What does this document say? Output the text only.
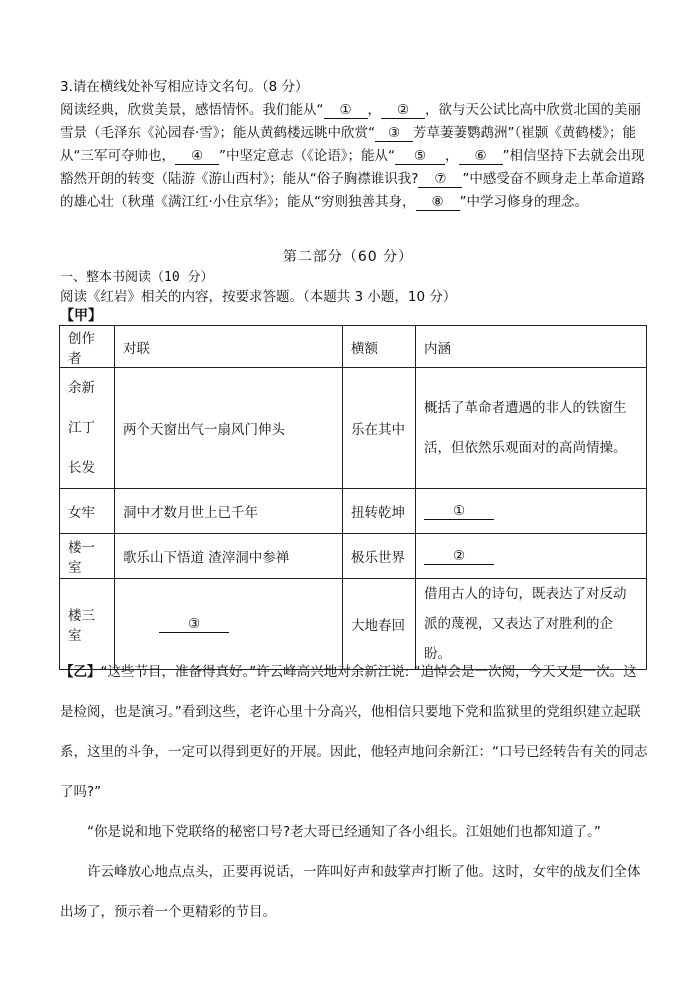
3.请在横线处补写相应诗文名句。（8 分）

阅读经典，欣赏美景，感悟情怀。我们能从“ ① ， ② ，欲与天公试比高中欣赏北国的美丽雪景（毛泽东《沁园春·雪》；能从黄鹤楼远眺中欣赏“ ③ 芳草萋萋鹦鹉洲”（崔颢《黄鹤楼》；能从“三军可夺帅也， ④ ”中坚定意志（《论语》；能从“ ⑤ ， ⑥ ”相信坚持下去就会出现豁然开朗的转变（陆游《游山西村》；能从“俗子胸襟谁识我? ⑦ ”中感受奋不顾身走上革命道路的雄心壮（秋瑾《满江红·小住京华》；能从“穷则独善其身， ⑧ ”中学习修身的理念。

第二部分（60 分）
一、整本书阅读（10 分）
阅读《红岩》相关的内容，按要求答题。（本题共 3 小题，10 分）
【甲】
创作者	对联	横额	内涵
余新江丁长发	两个天窗出气一扇风门伸头	乐在其中	概括了革命者遭遇的非人的铁窗生活，但依然乐观面对的高尚情操。
女牢	洞中才数月世上已千年	扭转乾坤	①
楼一室	歌乐山下悟道 渣滓洞中参禅	极乐世界	②
楼三室	③	大地春回	借用古人的诗句，既表达了对反动派的蔑视，又表达了对胜利的企盼。

【乙】“这些节目，准备得真好。”许云峰高兴地对余新江说: “追悼会是一次阅，今天又是一次。这是检阅，也是演习。”看到这些，老许心里十分高兴，他相信只要地下党和监狱里的党组织建立起联系，这里的斗争，一定可以得到更好的开展。因此，他轻声地问余新江：“口号已经转告有关的同志了吗?”

“你是说和地下党联络的秘密口号?老大哥已经通知了各小组长。江姐她们也都知道了。”

许云峰放心地点点头，正要再说话，一阵叫好声和鼓掌声打断了他。这时，女牢的战友们全体出场了，预示着一个更精彩的节目。
